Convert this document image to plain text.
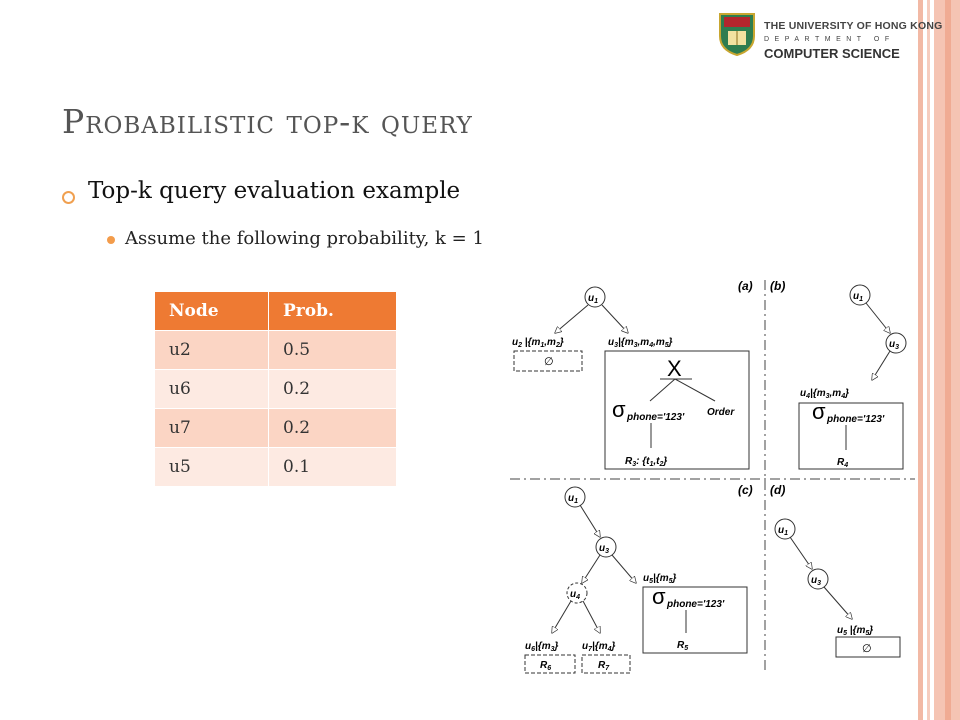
THE UNIVERSITY OF HONG KONG
DEPARTMENT OF
COMPUTER SCIENCE
Probabilistic top-k query
Top-k query evaluation example
Assume the following probability, k = 1
Node	Prob.
u2	0.5
u6	0.2
u7	0.2
u5	0.1
(a) (b)
(c) (d)
$u_1$
$u_2$ $|\{m_1,m_2\}$
∅
$u_3|\{m_3,m_4,m_5\}$
X
σ phone='123' Order
$R_3$: $\{t_1,t_2\}$
$u_1$
$u_3$
$u_4|\{m_3,m_4\}$
σ phone='123'
$R_4$
$u_1$
$u_3$
$u_4$
$u_6|\{m_3\}$
$R_6$
$u_7|\{m_4\}$
$R_7$
$u_5|\{m_5\}$
σ phone='123'
$R_5$
$u_1$
$u_3$
$u_5$ $|\{m_5\}$
∅
